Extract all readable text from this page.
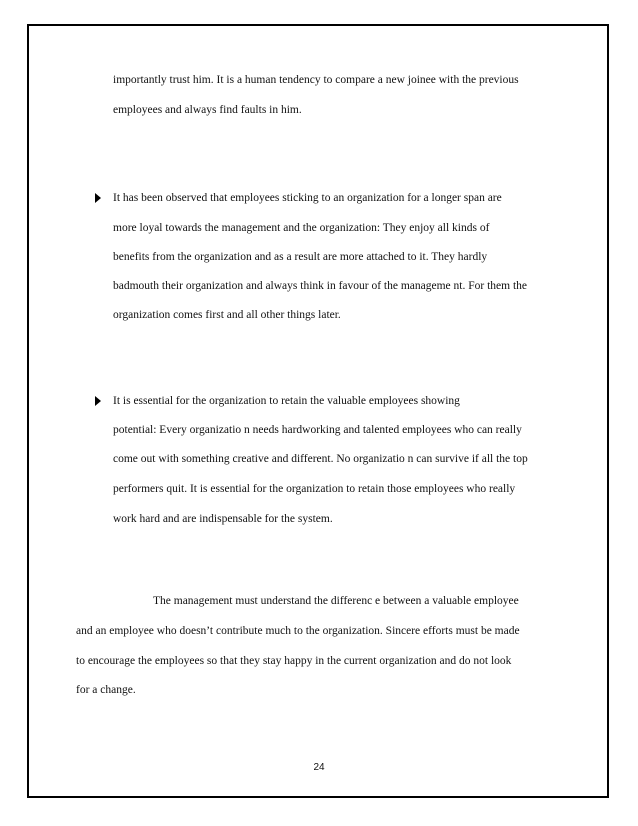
importantly trust him. It is a human tendency to compare a new joinee with the previous
employees and always find faults in him.
It has been observed that employees sticking to an organization for a longer span are
more loyal towards the management and the organization: They enjoy all kinds of
benefits from the organization and as a result are more attached to it. They hardly
badmouth their organization and always think in favour of the manageme nt. For them the
organization comes first and all other things later.
It is essential for the organization to retain the valuable employees showing
potential: Every organizatio n needs hardworking and talented employees who can really
come out with something creative and different. No organizatio n can survive if all the top
performers quit. It is essential for the organization to retain those employees who really
work hard and are indispensable for the system.
The management must understand the differenc e between a valuable employee
and an employee who doesn’t contribute much to the organization. Sincere efforts must be made
to encourage the employees so that they stay happy in the current organization and do not look
for a change.
24
